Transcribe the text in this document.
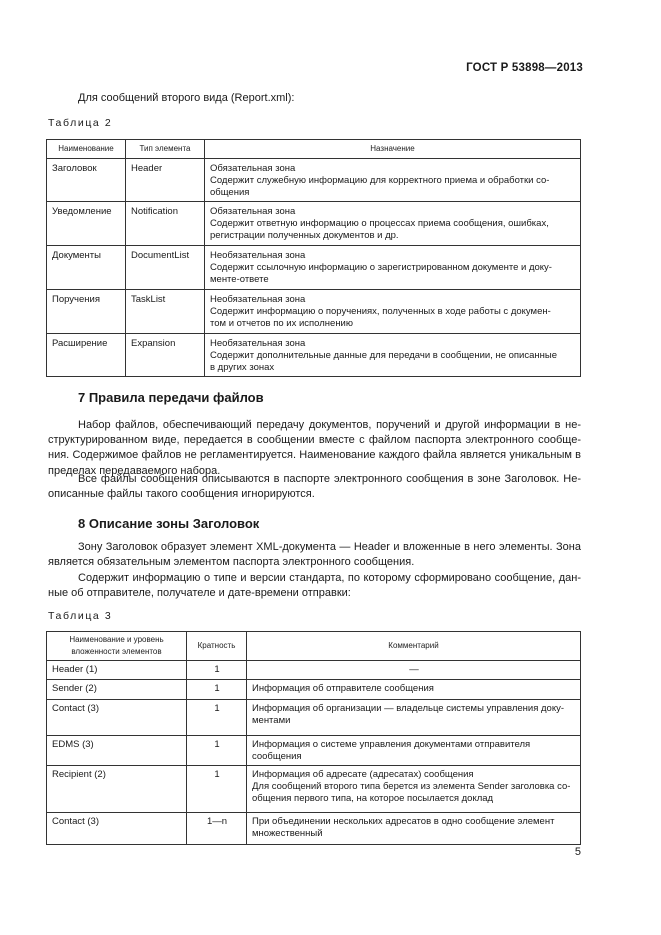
ГОСТ Р 53898—2013
Для сообщений второго вида (Report.xml):
Таблица 2
Наименование	Тип элемента	Назначение
Заголовок	Header	Обязательная зона
Содержит служебную информацию для корректного приема и обработки со-
общения
Уведомление	Notification	Обязательная зона
Содержит ответную информацию о процессах приема сообщения, ошибках,
регистрации полученных документов и др.
Документы	DocumentList	Необязательная зона
Содержит ссылочную информацию о зарегистрированном документе и доку-
менте-ответе
Поручения	TaskList	Необязательная зона
Содержит информацию о поручениях, полученных в ходе работы с докумен-
том и отчетов по их исполнению
Расширение	Expansion	Необязательная зона
Содержит дополнительные данные для передачи в сообщении, не описанные
в других зонах
7 Правила передачи файлов

Набор файлов, обеспечивающий передачу документов, поручений и другой информации в не-структурированном виде, передается в сообщении вместе с файлом паспорта электронного сообще-ния. Содержимое файлов не регламентируется. Наименование каждого файла является уникальным в пределах передаваемого набора.

Все файлы сообщения описываются в паспорте электронного сообщения в зоне Заголовок. Не-описанные файлы такого сообщения игнорируются.

8 Описание зоны Заголовок

Зону Заголовок образует элемент XML-документа — Header и вложенные в него элементы. Зона является обязательным элементом паспорта электронного сообщения.

Содержит информацию о типе и версии стандарта, по которому сформировано сообщение, дан-ные об отправителе, получателе и дате-времени отправки:

Таблица 3
Наименование и уровень вложенности элементов	Кратность	Комментарий
Header (1)	1	—
Sender (2)	1	Информация об отправителе сообщения
Contact (3)	1	Информация об организации — владельце системы управления доку-
ментами
EDMS (3)	1	Информация о системе управления документами отправителя сообщения
Recipient (2)	1	Информация об адресате (адресатах) сообщения
Для сообщений второго типа берется из элемента Sender заголовка со-
общения первого типа, на которое посылается доклад
Contact (3)	1—n	При объединении нескольких адресатов в одно сообщение элемент
множественный
5
